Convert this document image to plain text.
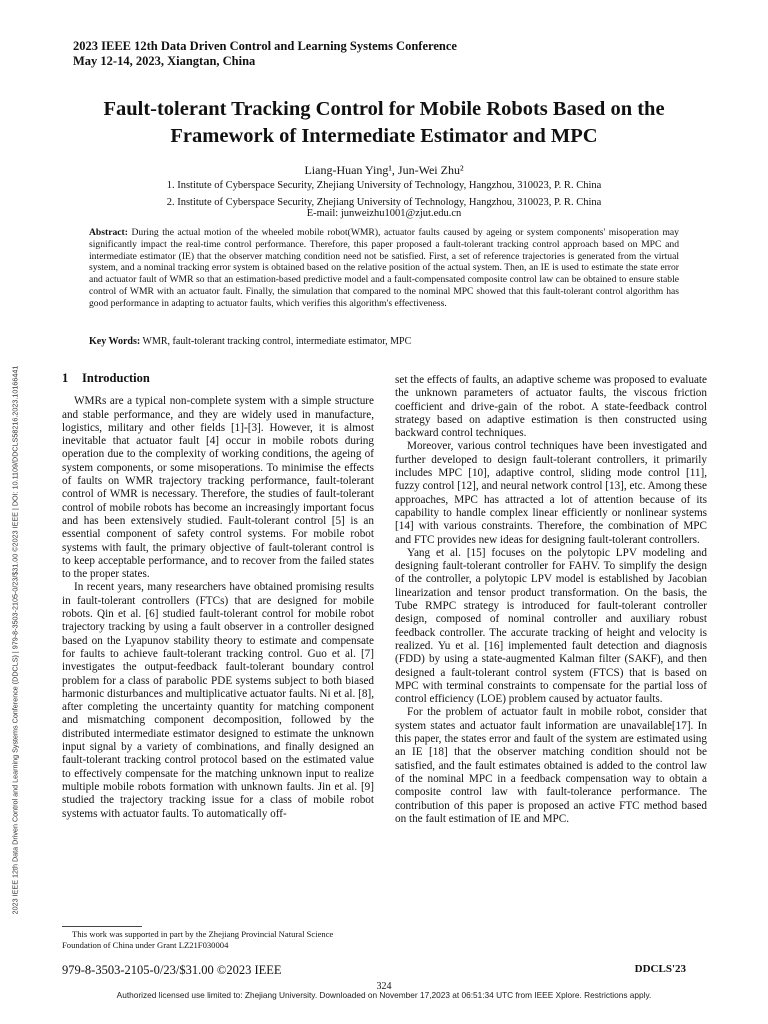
2023 IEEE 12th Data Driven Control and Learning Systems Conference
May 12-14, 2023, Xiangtan, China
Fault-tolerant Tracking Control for Mobile Robots Based on the
Framework of Intermediate Estimator and MPC
Liang-Huan Ying¹, Jun-Wei Zhu²
1. Institute of Cyberspace Security, Zhejiang University of Technology, Hangzhou, 310023, P. R. China
2. Institute of Cyberspace Security, Zhejiang University of Technology, Hangzhou, 310023, P. R. China
E-mail: junweizhu1001@zjut.edu.cn
Abstract: During the actual motion of the wheeled mobile robot(WMR), actuator faults caused by ageing or system components' misoperation may significantly impact the real-time control performance. Therefore, this paper proposed a fault-tolerant tracking control approach based on MPC and intermediate estimator (IE) that the observer matching condition need not be satisfied. First, a set of reference trajectories is generated from the virtual system, and a nominal tracking error system is obtained based on the relative position of the actual system. Then, an IE is used to estimate the state error and actuator fault of WMR so that an estimation-based predictive model and a fault-compensated composite control law can be obtained to ensure stable control of WMR with an actuator fault. Finally, the simulation that compared to the nominal MPC showed that this fault-tolerant control algorithm has good performance in adapting to actuator faults, which verifies this algorithm's effectiveness.
Key Words: WMR, fault-tolerant tracking control, intermediate estimator, MPC
2023 IEEE 12th Data Driven Control and Learning Systems Conference (DDCLS) | 979-8-3503-2105-0/23/$31.00 ©2023 IEEE | DOI: 10.1109/DDCLS58216.2023.10166441	1 Introduction

WMRs are a typical non-complete system with a simple structure and stable performance, and they are widely used in manufacture, logistics, military and other fields [1]-[3]. However, it is almost inevitable that actuator fault [4] occur in mobile robots during operation due to the complexity of working conditions, the ageing of system components, or some misoperations. To minimise the effects of faults on WMR trajectory tracking performance, fault-tolerant control of WMR is necessary. Therefore, the studies of fault-tolerant control of mobile robots has become an increasingly important focus and has been extensively studied. Fault-tolerant control [5] is an essential component of safety control systems. For mobile robot systems with fault, the primary objective of fault-tolerant control is to keep acceptable performance, and to recover from the failed states to the proper states.

In recent years, many researchers have obtained promising results in fault-tolerant controllers (FTCs) that are designed for mobile robots. Qin et al. [6] studied fault-tolerant control for mobile robot trajectory tracking by using a fault observer in a controller designed based on the Lyapunov stability theory to estimate and compensate for faults to achieve fault-tolerant tracking control. Guo et al. [7] investigates the output-feedback fault-tolerant boundary control problem for a class of parabolic PDE systems subject to both biased harmonic disturbances and multiplicative actuator faults. Ni et al. [8], after completing the uncertainty quantity for matching component and mismatching component decomposition, followed by the distributed intermediate estimator designed to estimate the unknown input signal by a variety of combinations, and finally designed an fault-tolerant tracking control protocol based on the estimated value to effectively compensate for the matching unknown input to realize multiple mobile robots formation with unknown faults. Jin et al. [9] studied the trajectory tracking issue for a class of mobile robot systems with actuator faults. To automatically off-

set the effects of faults, an adaptive scheme was proposed to evaluate the unknown parameters of actuator faults, the viscous friction coefficient and drive-gain of the robot. A state-feedback control strategy based on adaptive estimation is then constructed using backward control techniques.

Moreover, various control techniques have been investigated and further developed to design fault-tolerant controllers, it primarily includes MPC [10], adaptive control, sliding mode control [11], fuzzy control [12], and neural network control [13], etc. Among these approaches, MPC has attracted a lot of attention because of its capability to handle complex linear efficiently or nonlinear systems [14] with various constraints. Therefore, the combination of MPC and FTC provides new ideas for designing fault-tolerant controllers.

Yang et al. [15] focuses on the polytopic LPV modeling and designing fault-tolerant controller for FAHV. To simplify the design of the controller, a polytopic LPV model is established by Jacobian linearization and tensor product transformation. On the basis, the Tube RMPC strategy is introduced for fault-tolerant controller design, composed of nominal controller and auxiliary robust feedback controller. The accurate tracking of height and velocity is realized. Yu et al. [16] implemented fault detection and diagnosis (FDD) by using a state-augmented Kalman filter (SAKF), and then designed a fault-tolerant control system (FTCS) that is based on MPC with terminal constraints to compensate for the partial loss of control efficiency (LOE) problem caused by actuator faults.

For the problem of actuator fault in mobile robot, consider that system states and actuator fault information are unavailable[17]. In this paper, the states error and fault of the system are estimated using an IE [18] that the observer matching condition should not be satisfied, and the fault estimates obtained is added to the control law of the nominal MPC in a feedback compensation way to obtain a composite control law with fault-tolerance performance. The contribution of this paper is proposed an active FTC method based on the fault estimation of IE and MPC.

This work was supported in part by the Zhejiang Provincial Natural Science Foundation of China under Grant LZ21F030004
979-8-3503-2105-0/23/$31.00 ©2023 IEEE	DDCLS'23
324
Authorized licensed use limited to: Zhejiang University. Downloaded on November 17,2023 at 06:51:34 UTC from IEEE Xplore. Restrictions apply.
